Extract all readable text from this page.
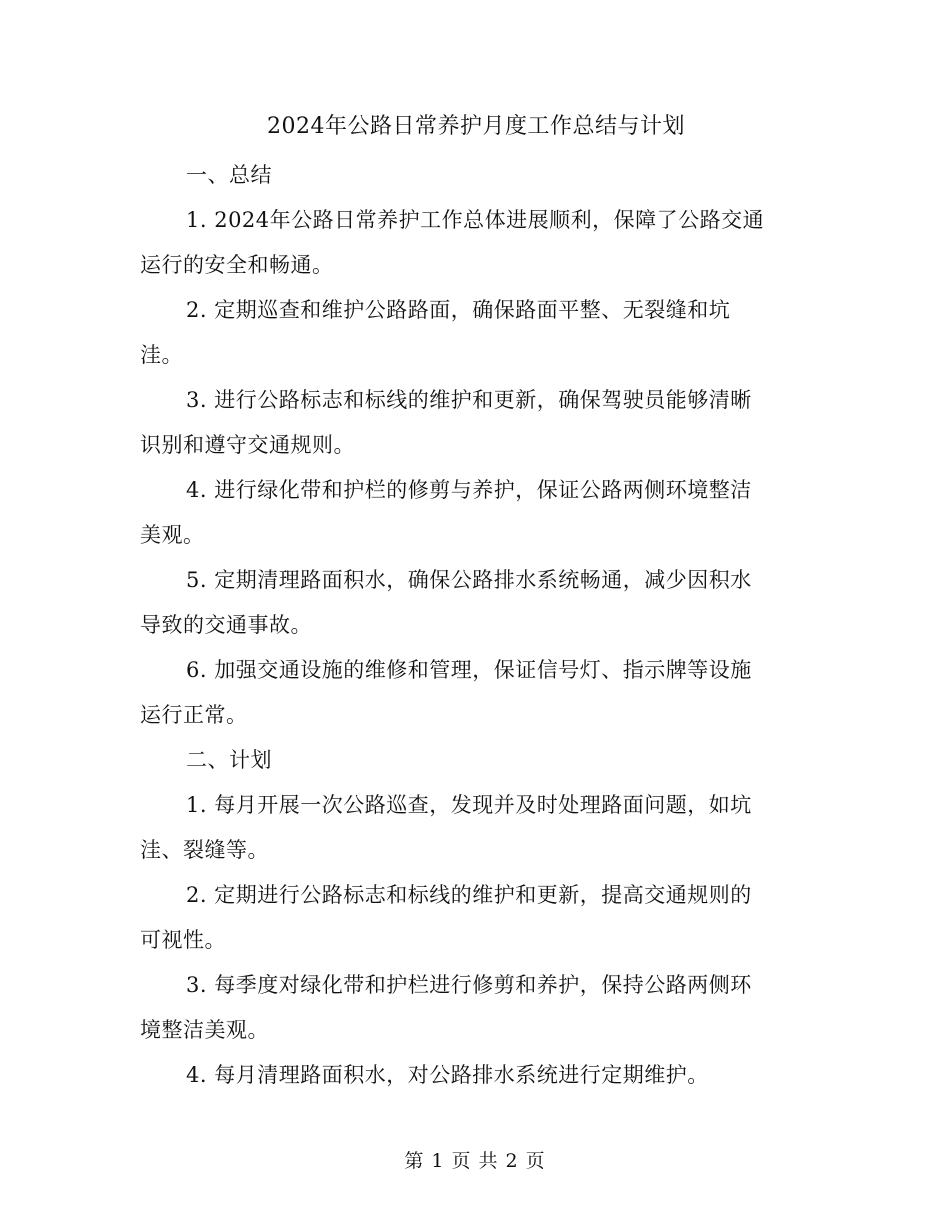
2024年公路日常养护月度工作总结与计划

一、总结

1. 2024年公路日常养护工作总体进展顺利，保障了公路交通
运行的安全和畅通。

2. 定期巡查和维护公路路面，确保路面平整、无裂缝和坑
洼。

3. 进行公路标志和标线的维护和更新，确保驾驶员能够清晰
识别和遵守交通规则。

4. 进行绿化带和护栏的修剪与养护，保证公路两侧环境整洁
美观。

5. 定期清理路面积水，确保公路排水系统畅通，减少因积水
导致的交通事故。

6. 加强交通设施的维修和管理，保证信号灯、指示牌等设施
运行正常。

二、计划

1. 每月开展一次公路巡查，发现并及时处理路面问题，如坑
洼、裂缝等。

2. 定期进行公路标志和标线的维护和更新，提高交通规则的
可视性。

3. 每季度对绿化带和护栏进行修剪和养护，保持公路两侧环
境整洁美观。

4. 每月清理路面积水，对公路排水系统进行定期维护。

第 1 页 共 2 页
